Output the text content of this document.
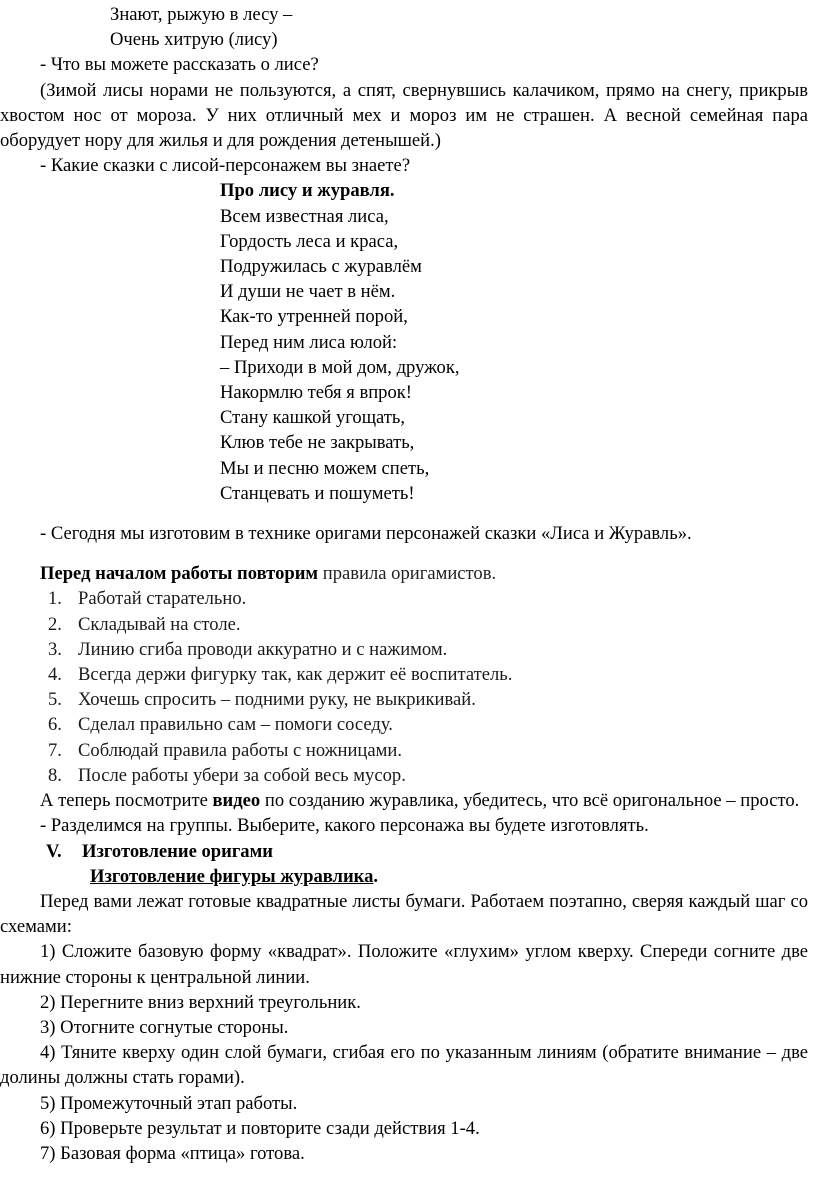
Знают, рыжую в лесу –
Очень хитрую (лису)
- Что вы можете рассказать о лисе?
(Зимой лисы норами не пользуются, а спят, свернувшись калачиком, прямо на снегу, прикрыв хвостом нос от мороза. У них отличный мех и мороз им не страшен. А весной семейная пара оборудует нору для жилья и для рождения детенышей.)
- Какие сказки с лисой-персонажем вы знаете?
Про лису и журавля.
Всем известная лиса,
Гордость леса и краса,
Подружилась с журавлём
И души не чает в нём.
Как-то утренней порой,
Перед ним лиса юлой:
– Приходи в мой дом, дружок,
Накормлю тебя я впрок!
Стану кашкой угощать,
Клюв тебе не закрывать,
Мы и песню можем спеть,
Станцевать и пошуметь!
- Сегодня мы изготовим в технике оригами персонажей сказки «Лиса и Журавль».
Перед началом работы повторим правила оригамистов.
1. Работай старательно.
2. Складывай на столе.
3. Линию сгиба проводи аккуратно и с нажимом.
4. Всегда держи фигурку так, как держит её воспитатель.
5. Хочешь спросить – подними руку, не выкрикивай.
6. Сделал правильно сам – помоги соседу.
7. Соблюдай правила работы с ножницами.
8. После работы убери за собой весь мусор.
А теперь посмотрите видео по созданию журавлика, убедитесь, что всё оригональное – просто.
- Разделимся на группы. Выберите, какого персонажа вы будете изготовлять.
V. Изготовление оригами
Изготовление фигуры журавлика.
Перед вами лежат готовые квадратные листы бумаги. Работаем поэтапно, сверяя каждый шаг со схемами:
1) Сложите базовую форму «квадрат». Положите «глухим» углом кверху. Спереди согните две нижние стороны к центральной линии.
2) Перегните вниз верхний треугольник.
3) Отогните согнутые стороны.
4) Тяните кверху один слой бумаги, сгибая его по указанным линиям (обратите внимание – две долины должны стать горами).
5) Промежуточный этап работы.
6) Проверьте результат и повторите сзади действия 1-4.
7) Базовая форма «птица» готова.
